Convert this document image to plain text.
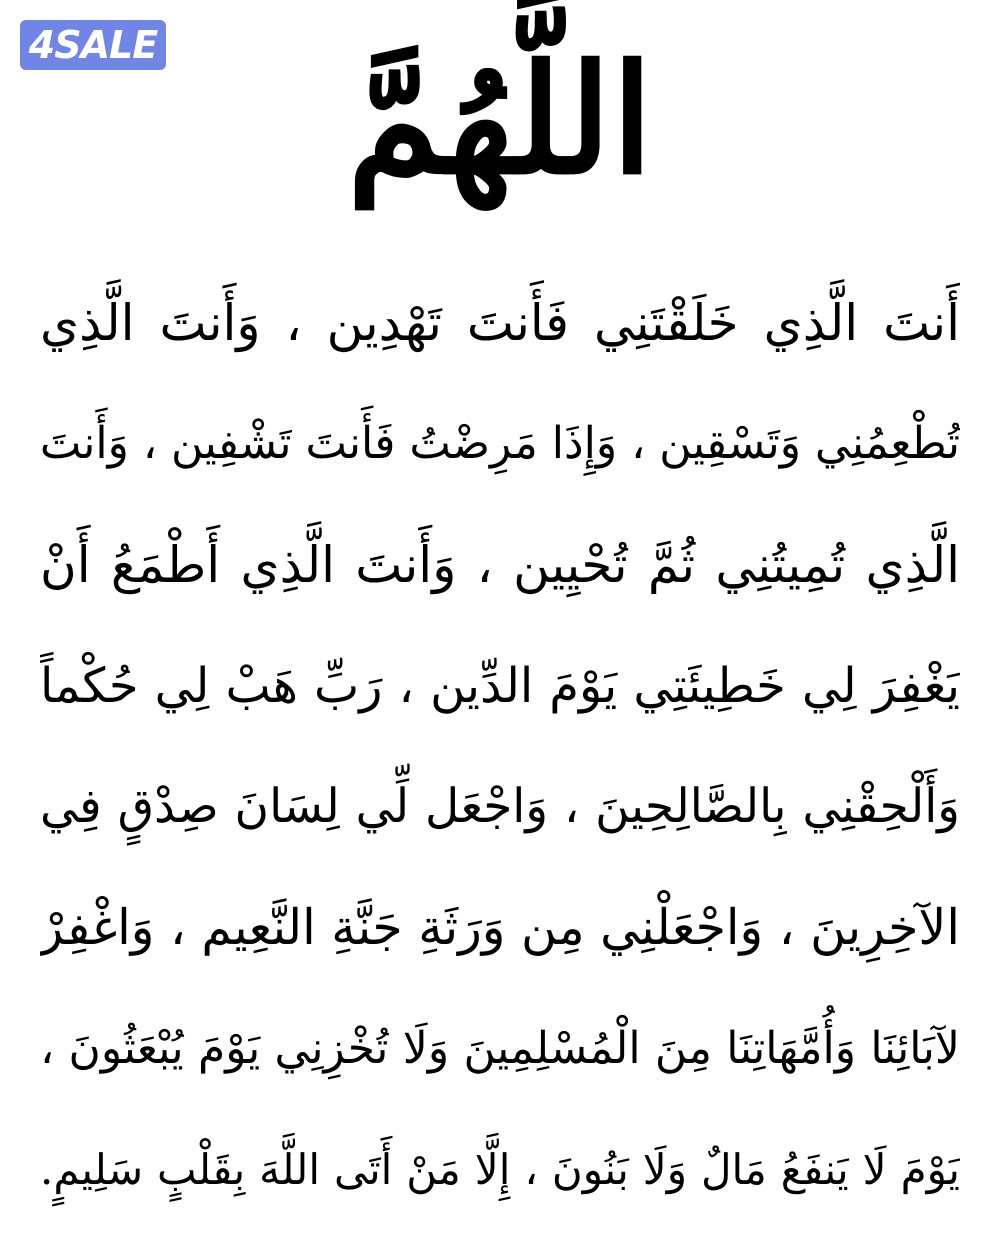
4SALE	اللَّهُمَّ
أَنتَ الَّذِي خَلَقْتَنِي فَأَنتَ تَهْدِين ، وَأَنتَ الَّذِي
تُطْعِمُنِي وَتَسْقِين ، وَإِذَا مَرِضْتُ فَأَنتَ تَشْفِين ، وَأَنتَ
الَّذِي تُمِيتُنِي ثُمَّ تُحْيِين ، وَأَنتَ الَّذِي أَطْمَعُ أَنْ
يَغْفِرَ لِي خَطِيئَتِي يَوْمَ الدِّين ، رَبِّ هَبْ لِي حُكْماً
وَأَلْحِقْنِي بِالصَّالِحِينَ ، وَاجْعَل لِّي لِسَانَ صِدْقٍ فِي
الآخِرِينَ ، وَاجْعَلْنِي مِن وَرَثَةِ جَنَّةِ النَّعِيم ، وَاغْفِرْ
لآبَائِنَا وَأُمَّهَاتِنَا مِنَ الْمُسْلِمِينَ وَلَا تُخْزِنِي يَوْمَ يُبْعَثُونَ ،
يَوْمَ لَا يَنفَعُ مَالٌ وَلَا بَنُونَ ، إِلَّا مَنْ أَتَى اللَّهَ بِقَلْبٍ سَلِيمٍ.
